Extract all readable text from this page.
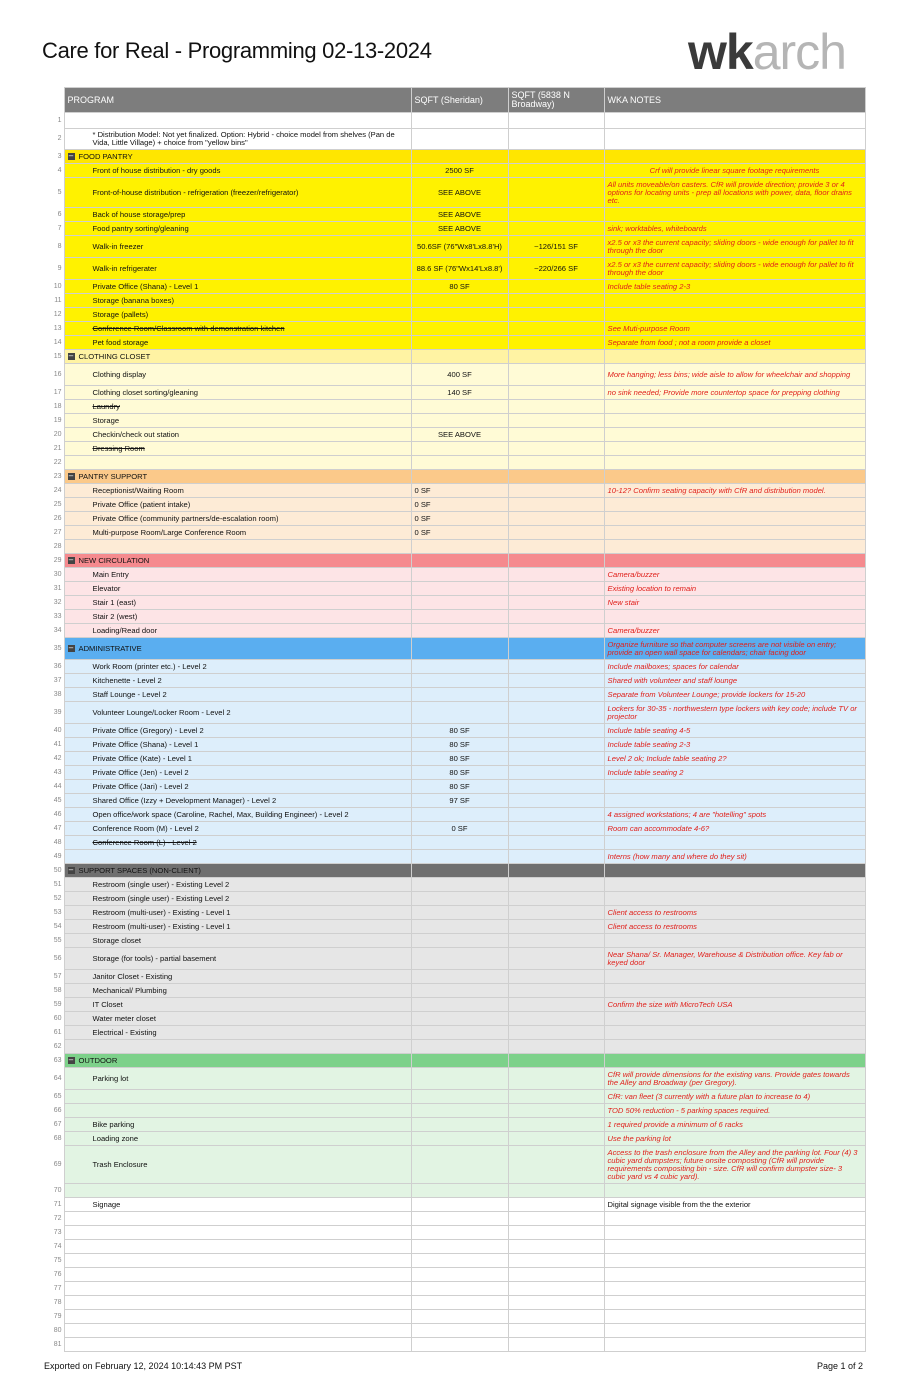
Care for Real - Programming 02-13-2024	wkarch
	PROGRAM	SQFT (Sheridan)	SQFT (5838 N Broadway)	WKA NOTES
1				
2	* Distribution Model: Not yet finalized. Option: Hybrid - choice model from shelves (Pan de Vida, Little Village) + choice from "yellow bins"			
3	− FOOD PANTRY			
4	Front of house distribution - dry goods	2500 SF		Crf will provide linear square footage requirements
5	Front-of-house distribution - refrigeration (freezer/refrigerator)	SEE ABOVE		All units moveable/on casters. CfR will provide direction; provide 3 or 4 options for locating units - prep all locations with power, data, floor drains etc.
6	Back of house storage/prep	SEE ABOVE		
7	Food pantry sorting/gleaning	SEE ABOVE		sink; worktables, whiteboards
8	Walk-in freezer	50.6SF (76"Wx8'Lx8.8'H)	~126/151 SF	x2.5 or x3 the current capacity; sliding doors - wide enough for pallet to fit through the door
9	Walk-in refrigerater	88.6 SF (76"Wx14'Lx8.8')	~220/266 SF	x2.5 or x3 the current capacity; sliding doors - wide enough for pallet to fit through the door
10	Private Office (Shana) - Level 1	80 SF		Include table seating 2-3
11	Storage (banana boxes)			
12	Storage (pallets)			
13	Conference Room/Classroom with demonstration kitchen			See Muti-purpose Room
14	Pet food storage			Separate from food ; not a room provide a closet
15	− CLOTHING CLOSET			
16	Clothing display	400 SF		More hanging; less bins; wide aisle to allow for wheelchair and shopping
17	Clothing closet sorting/gleaning	140 SF		no sink needed; Provide more countertop space for prepping clothing
18	Laundry			
19	Storage			
20	Checkin/check out station	SEE ABOVE		
21	Dressing Room			
22				
23	− PANTRY SUPPORT			
24	Receptionist/Waiting Room	0 SF		10-12? Confirm seating capacity with CfR and distribution model.
25	Private Office (patient intake)	0 SF		
26	Private Office (community partners/de-escalation room)	0 SF		
27	Multi-purpose Room/Large Conference Room	0 SF		
28				
29	− NEW CIRCULATION			
30	Main Entry			Camera/buzzer
31	Elevator			Existing location to remain
32	Stair 1 (east)			New stair
33	Stair 2 (west)			
34	Loading/Read door			Camera/buzzer
35	− ADMINISTRATIVE			Organize furniture so that computer screens are not visible on entry; provide an open wall space for calendars; chair facing door
36	Work Room (printer etc.) - Level 2			Include mailboxes; spaces for calendar
37	Kitchenette - Level 2			Shared with volunteer and staff lounge
38	Staff Lounge - Level 2			Separate from Volunteer Lounge; provide lockers for 15-20
39	Volunteer Lounge/Locker Room - Level 2			Lockers for 30-35 - northwestern type lockers with key code; include TV or projector
40	Private Office (Gregory) - Level 2	80 SF		Include table seating 4-5
41	Private Office (Shana) - Level 1	80 SF		Include table seating 2-3
42	Private Office (Kate) - Level 1	80 SF		Level 2 ok; Include table seating 2?
43	Private Office (Jen) - Level 2	80 SF		Include table seating 2
44	Private Office (Jari) - Level 2	80 SF		
45	Shared Office (Izzy + Development Manager) - Level 2	97 SF		
46	Open office/work space (Caroline, Rachel, Max, Building Engineer) - Level 2			4 assigned workstations; 4 are "hotelling" spots
47	Conference Room (M) - Level 2	0 SF		Room can accommodate 4-6?
48	Conference Room (L) - Level 2			
49				Interns (how many and where do they sit)
50	− SUPPORT SPACES (NON-CLIENT)			
51	Restroom (single user) - Existing Level 2			
52	Restroom (single user) - Existing Level 2			
53	Restroom (multi-user) - Existing - Level 1			Client access to restrooms
54	Restroom (multi-user) - Existing - Level 1			Client access to restrooms
55	Storage closet			
56	Storage (for tools) - partial basement			Near Shana/ Sr. Manager, Warehouse & Distribution office. Key fab or keyed door
57	Janitor Closet - Existing			
58	Mechanical/ Plumbing			
59	IT Closet			Confirm the size with MicroTech USA
60	Water meter closet			
61	Electrical - Existing			
62				
63	− OUTDOOR			
64	Parking lot			CfR will provide dimensions for the existing vans. Provide gates towards the Alley and Broadway (per Gregory).
65				CfR: van fleet (3 currently with a future plan to increase to 4)
66				TOD 50% reduction - 5 parking spaces required.
67	Bike parking			1 required provide a minimum of 6 racks
68	Loading zone			Use the parking lot
69	Trash Enclosure			Access to the trash enclosure from the Alley and the parking lot. Four (4) 3 cubic yard dumpsters; future onsite composting (CfR will provide requirements compositing bin - size. CfR will confirm dumpster size- 3 cubic yard vs 4 cubic yard).
70				
71	Signage			Digital signage visible from the the exterior
72				
73				
74				
75				
76				
77				
78				
79				
80				
81				
Exported on February 12, 2024 10:14:43 PM PST	Page 1 of 2
